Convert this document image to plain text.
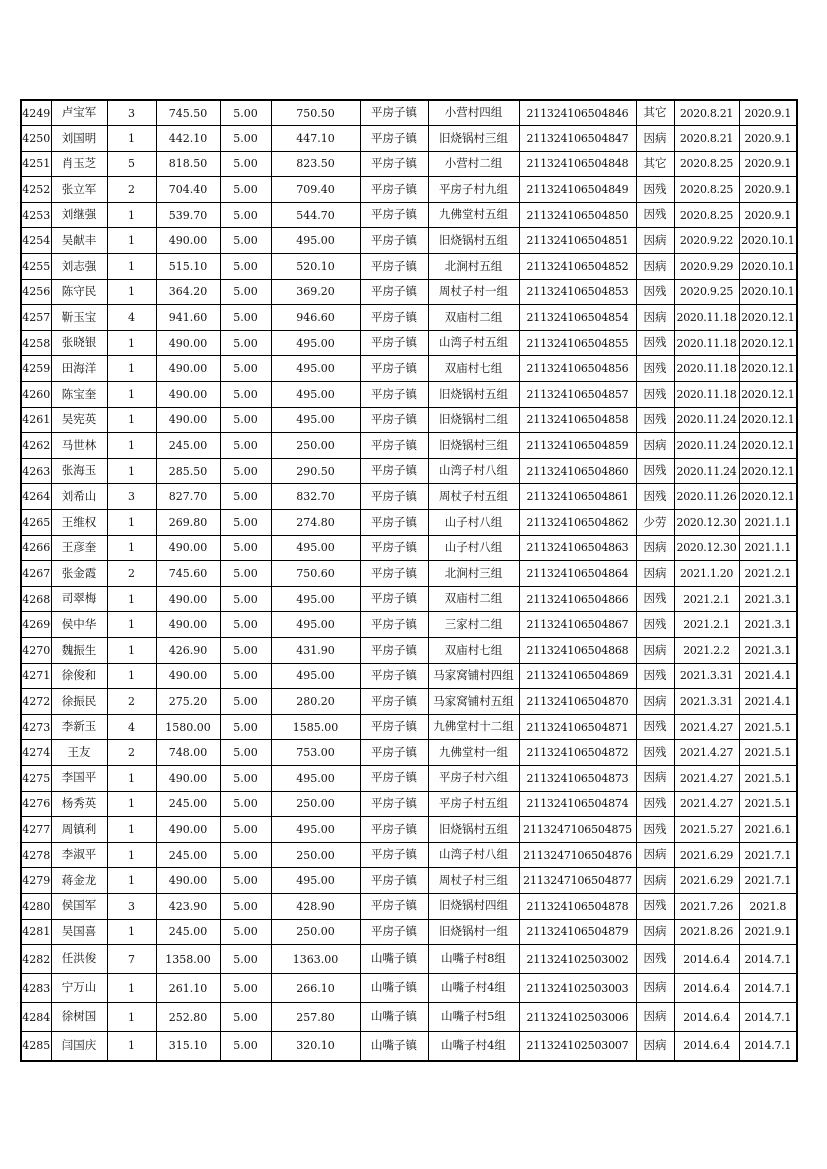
4249	卢宝军	3	745.50	5.00	750.50	平房子镇	小营村四组	211324106504846	其它	2020.8.21	2020.9.1
4250	刘国明	1	442.10	5.00	447.10	平房子镇	旧烧锅村三组	211324106504847	因病	2020.8.21	2020.9.1
4251	肖玉芝	5	818.50	5.00	823.50	平房子镇	小营村二组	211324106504848	其它	2020.8.25	2020.9.1
4252	张立军	2	704.40	5.00	709.40	平房子镇	平房子村九组	211324106504849	因残	2020.8.25	2020.9.1
4253	刘继强	1	539.70	5.00	544.70	平房子镇	九佛堂村五组	211324106504850	因残	2020.8.25	2020.9.1
4254	吴献丰	1	490.00	5.00	495.00	平房子镇	旧烧锅村五组	211324106504851	因病	2020.9.22	2020.10.1
4255	刘志强	1	515.10	5.00	520.10	平房子镇	北涧村五组	211324106504852	因病	2020.9.29	2020.10.1
4256	陈守民	1	364.20	5.00	369.20	平房子镇	周杖子村一组	211324106504853	因残	2020.9.25	2020.10.1
4257	靳玉宝	4	941.60	5.00	946.60	平房子镇	双庙村二组	211324106504854	因病	2020.11.18	2020.12.1
4258	张晓银	1	490.00	5.00	495.00	平房子镇	山湾子村五组	211324106504855	因残	2020.11.18	2020.12.1
4259	田海洋	1	490.00	5.00	495.00	平房子镇	双庙村七组	211324106504856	因残	2020.11.18	2020.12.1
4260	陈宝奎	1	490.00	5.00	495.00	平房子镇	旧烧锅村五组	211324106504857	因残	2020.11.18	2020.12.1
4261	吴宪英	1	490.00	5.00	495.00	平房子镇	旧烧锅村二组	211324106504858	因残	2020.11.24	2020.12.1
4262	马世林	1	245.00	5.00	250.00	平房子镇	旧烧锅村三组	211324106504859	因病	2020.11.24	2020.12.1
4263	张海玉	1	285.50	5.00	290.50	平房子镇	山湾子村八组	211324106504860	因残	2020.11.24	2020.12.1
4264	刘希山	3	827.70	5.00	832.70	平房子镇	周杖子村五组	211324106504861	因残	2020.11.26	2020.12.1
4265	王维权	1	269.80	5.00	274.80	平房子镇	山子村八组	211324106504862	少劳	2020.12.30	2021.1.1
4266	王彦奎	1	490.00	5.00	495.00	平房子镇	山子村八组	211324106504863	因病	2020.12.30	2021.1.1
4267	张金霞	2	745.60	5.00	750.60	平房子镇	北涧村三组	211324106504864	因病	2021.1.20	2021.2.1
4268	司翠梅	1	490.00	5.00	495.00	平房子镇	双庙村二组	211324106504866	因残	2021.2.1	2021.3.1
4269	侯中华	1	490.00	5.00	495.00	平房子镇	三家村二组	211324106504867	因残	2021.2.1	2021.3.1
4270	魏振生	1	426.90	5.00	431.90	平房子镇	双庙村七组	211324106504868	因病	2021.2.2	2021.3.1
4271	徐俊和	1	490.00	5.00	495.00	平房子镇	马家窝铺村四组	211324106504869	因残	2021.3.31	2021.4.1
4272	徐振民	2	275.20	5.00	280.20	平房子镇	马家窝铺村五组	211324106504870	因病	2021.3.31	2021.4.1
4273	李新玉	4	1580.00	5.00	1585.00	平房子镇	九佛堂村十二组	211324106504871	因残	2021.4.27	2021.5.1
4274	王友	2	748.00	5.00	753.00	平房子镇	九佛堂村一组	211324106504872	因残	2021.4.27	2021.5.1
4275	李国平	1	490.00	5.00	495.00	平房子镇	平房子村六组	211324106504873	因病	2021.4.27	2021.5.1
4276	杨秀英	1	245.00	5.00	250.00	平房子镇	平房子村五组	211324106504874	因残	2021.4.27	2021.5.1
4277	周镇利	1	490.00	5.00	495.00	平房子镇	旧烧锅村五组	2113247106504875	因残	2021.5.27	2021.6.1
4278	李淑平	1	245.00	5.00	250.00	平房子镇	山湾子村八组	2113247106504876	因病	2021.6.29	2021.7.1
4279	蒋金龙	1	490.00	5.00	495.00	平房子镇	周杖子村三组	2113247106504877	因病	2021.6.29	2021.7.1
4280	侯国军	3	423.90	5.00	428.90	平房子镇	旧烧锅村四组	211324106504878	因残	2021.7.26	2021.8
4281	吴国喜	1	245.00	5.00	250.00	平房子镇	旧烧锅村一组	211324106504879	因病	2021.8.26	2021.9.1
4282	任洪俊	7	1358.00	5.00	1363.00	山嘴子镇	山嘴子村8组	211324102503002	因残	2014.6.4	2014.7.1
4283	宁万山	1	261.10	5.00	266.10	山嘴子镇	山嘴子村4组	211324102503003	因病	2014.6.4	2014.7.1
4284	徐树国	1	252.80	5.00	257.80	山嘴子镇	山嘴子村5组	211324102503006	因病	2014.6.4	2014.7.1
4285	闫国庆	1	315.10	5.00	320.10	山嘴子镇	山嘴子村4组	211324102503007	因病	2014.6.4	2014.7.1
